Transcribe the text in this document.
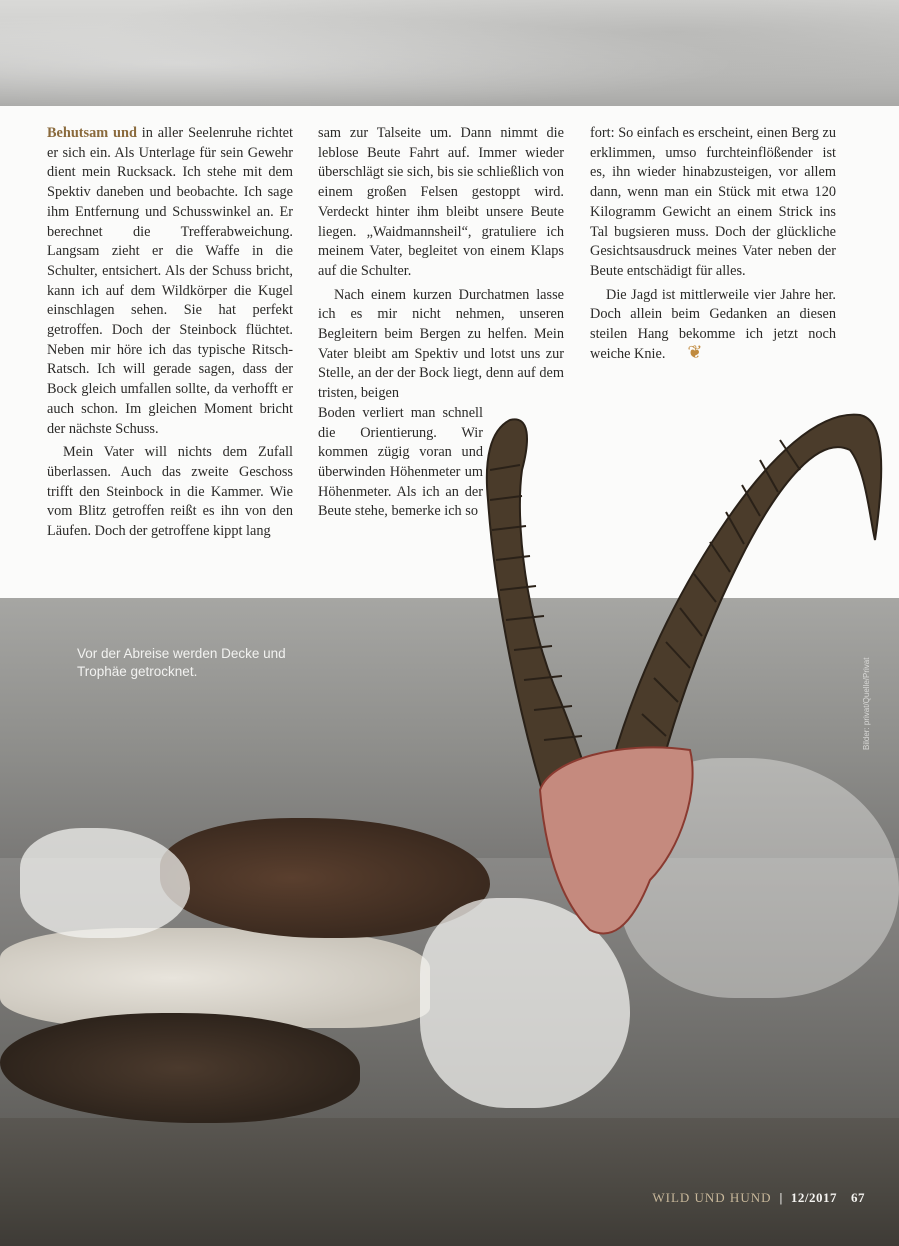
Behutsam und in aller Seelenruhe richtet er sich ein. Als Unterlage für sein Gewehr dient mein Rucksack. Ich stehe mit dem Spektiv daneben und beobachte. Ich sage ihm Entfernung und Schusswinkel an. Er berechnet die Trefferabweichung. Langsam zieht er die Waffe in die Schulter, entsichert. Als der Schuss bricht, kann ich auf dem Wildkörper die Kugel einschlagen sehen. Sie hat perfekt getroffen. Doch der Steinbock flüchtet. Neben mir höre ich das typische Ritsch-Ratsch. Ich will gerade sagen, dass der Bock gleich umfallen sollte, da verhofft er auch schon. Im gleichen Moment bricht der nächste Schuss.

Mein Vater will nichts dem Zufall überlassen. Auch das zweite Geschoss trifft den Steinbock in die Kammer. Wie vom Blitz getroffen reißt es ihn von den Läufen. Doch der getroffene kippt lang

sam zur Talseite um. Dann nimmt die leblose Beute Fahrt auf. Immer wieder überschlägt sie sich, bis sie schließlich von einem großen Felsen gestoppt wird. Verdeckt hinter ihm bleibt unsere Beute liegen. „Waidmannsheil“, gratuliere ich meinem Vater, begleitet von einem Klaps auf die Schulter.

Nach einem kurzen Durchatmen lasse ich es mir nicht nehmen, unseren Begleitern beim Bergen zu helfen. Mein Vater bleibt am Spektiv und lotst uns zur Stelle, an der der Bock liegt, denn auf dem tristen, beigen

Boden verliert man schnell die Orientierung. Wir kommen zügig voran und überwinden Höhenmeter um Höhenmeter. Als ich an der Beute stehe, bemerke ich so

fort: So einfach es erscheint, einen Berg zu erklimmen, umso furchteinflößender ist es, ihn wieder hinabzusteigen, vor allem dann, wenn man ein Stück mit etwa 120 Kilogramm Gewicht an einem Strick ins Tal bugsieren muss. Doch der glückliche Gesichtsausdruck meines Vater neben der Beute entschädigt für alles.

Die Jagd ist mittlerweile vier Jahre her. Doch allein beim Gedanken an diesen steilen Hang bekomme ich jetzt noch weiche Knie. ❦

Vor der Abreise werden Decke und Trophäe getrocknet.	Bilder: privat/Quelle/Privat
WILD UND HUND | 12/2017 67
